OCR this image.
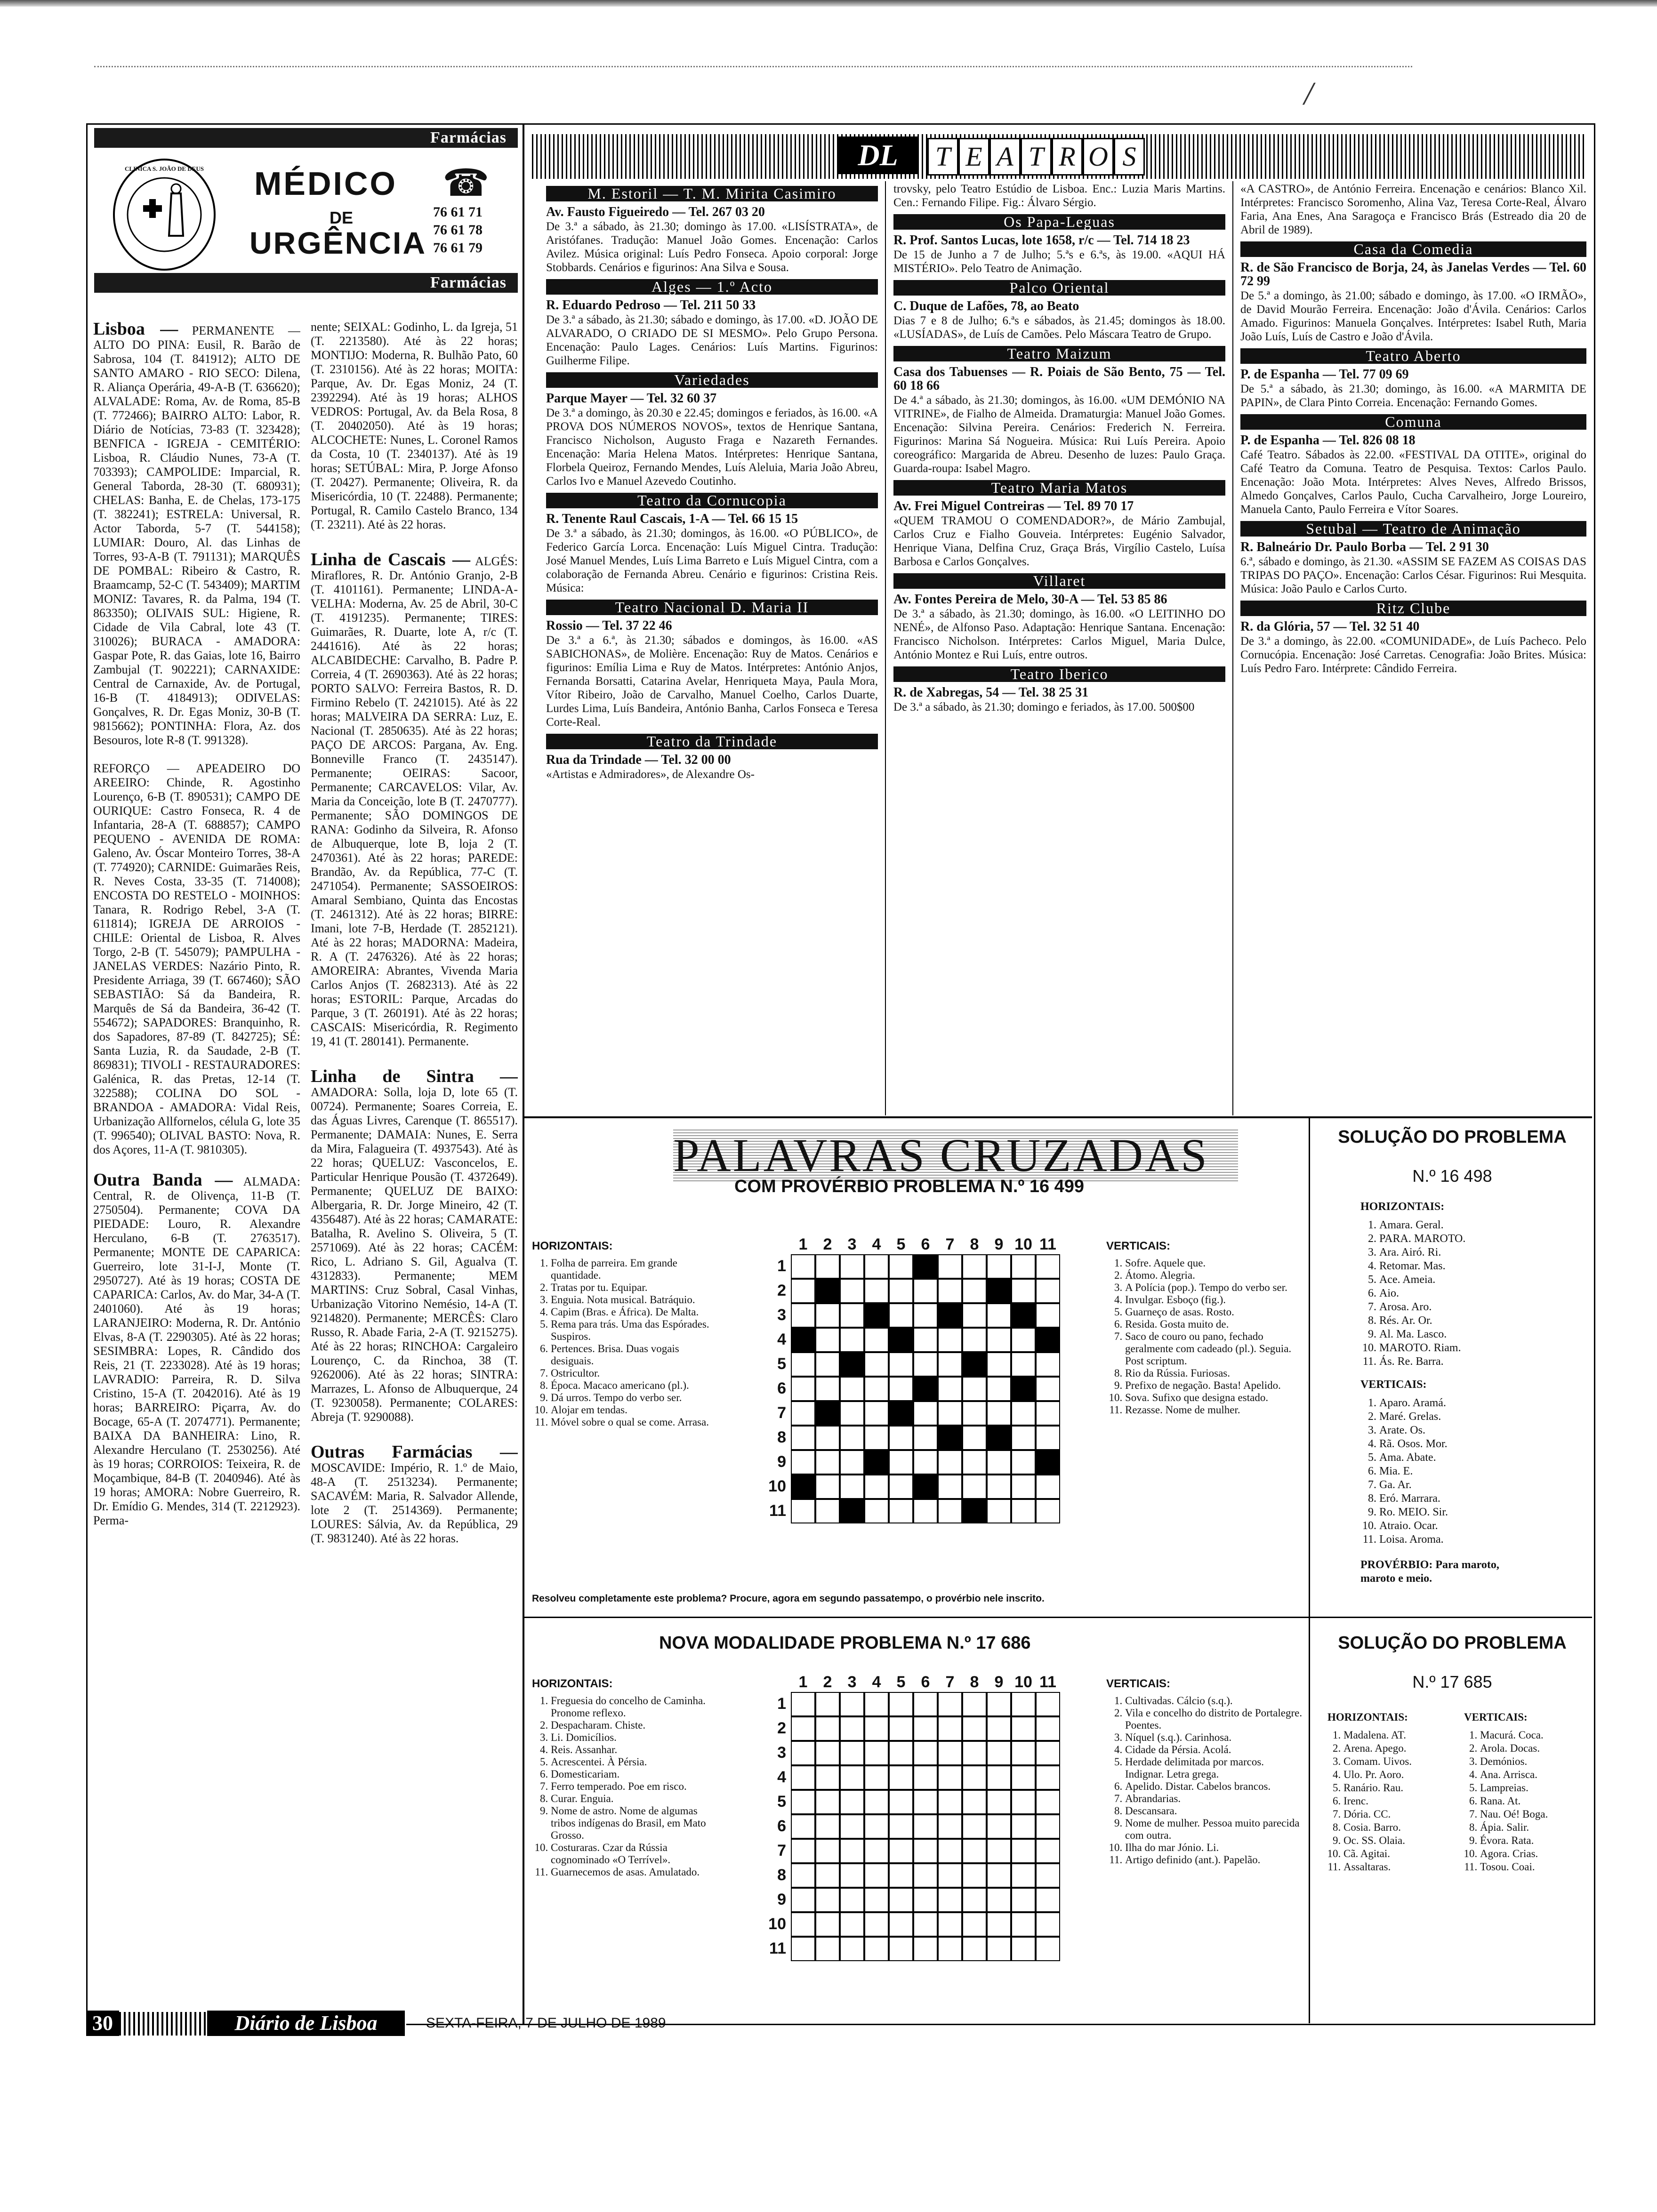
/
Farmácias
CLINICA S. JOÃO DE DEUS MÉDICO ☎
DE
URGÊNCIA
76 61 71
76 61 78
76 61 79
Farmácias

Lisboa — PERMANENTE — ALTO DO PINA: Eusil, R. Barão de Sabrosa, 104 (T. 841912); ALTO DE SANTO AMARO - RIO SECO: Dilena, R. Aliança Operária, 49-A-B (T. 636620); ALVALADE: Roma, Av. de Roma, 85-B (T. 772466); BAIRRO ALTO: Labor, R. Diário de Notícias, 73-83 (T. 323428); BENFICA - IGREJA - CEMITÉRIO: Lisboa, R. Cláudio Nunes, 73-A (T. 703393); CAMPOLIDE: Imparcial, R. General Taborda, 28-30 (T. 680931); CHELAS: Banha, E. de Chelas, 173-175 (T. 382241); ESTRELA: Universal, R. Actor Taborda, 5-7 (T. 544158); LUMIAR: Douro, Al. das Linhas de Torres, 93-A-B (T. 791131); MARQUÊS DE POMBAL: Ribeiro & Castro, R. Braamcamp, 52-C (T. 543409); MARTIM MONIZ: Tavares, R. da Palma, 194 (T. 863350); OLIVAIS SUL: Higiene, R. Cidade de Vila Cabral, lote 43 (T. 310026); BURACA - AMADORA: Gaspar Pote, R. das Gaias, lote 16, Bairro Zambujal (T. 902221); CARNAXIDE: Central de Carnaxide, Av. de Portugal, 16-B (T. 4184913); ODIVELAS: Gonçalves, R. Dr. Egas Moniz, 30-B (T. 9815662); PONTINHA: Flora, Az. dos Besouros, lote R-8 (T. 991328).

REFORÇO — APEADEIRO DO AREEIRO: Chinde, R. Agostinho Lourenço, 6-B (T. 890531); CAMPO DE OURIQUE: Castro Fonseca, R. 4 de Infantaria, 28-A (T. 688857); CAMPO PEQUENO - AVENIDA DE ROMA: Galeno, Av. Óscar Monteiro Torres, 38-A (T. 774920); CARNIDE: Guimarães Reis, R. Neves Costa, 33-35 (T. 714008); ENCOSTA DO RESTELO - MOINHOS: Tanara, R. Rodrigo Rebel, 3-A (T. 611814); IGREJA DE ARROIOS - CHILE: Oriental de Lisboa, R. Alves Torgo, 2-B (T. 545079); PAMPULHA - JANELAS VERDES: Nazário Pinto, R. Presidente Arriaga, 39 (T. 667460); SÃO SEBASTIÃO: Sá da Bandeira, R. Marquês de Sá da Bandeira, 36-42 (T. 554672); SAPADORES: Branquinho, R. dos Sapadores, 87-89 (T. 842725); SÉ: Santa Luzia, R. da Saudade, 2-B (T. 869831); TIVOLI - RESTAURADORES: Galénica, R. das Pretas, 12-14 (T. 322588); COLINA DO SOL - BRANDOA - AMADORA: Vidal Reis, Urbanização Allfornelos, célula G, lote 35 (T. 996540); OLIVAL BASTO: Nova, R. dos Açores, 11-A (T. 9810305).

Outra Banda — ALMADA: Central, R. de Olivença, 11-B (T. 2750504). Permanente; COVA DA PIEDADE: Louro, R. Alexandre Herculano, 6-B (T. 2763517). Permanente; MONTE DE CAPARICA: Guerreiro, lote 31-I-J, Monte (T. 2950727). Até às 19 horas; COSTA DE CAPARICA: Carlos, Av. do Mar, 34-A (T. 2401060). Até às 19 horas; LARANJEIRO: Moderna, R. Dr. António Elvas, 8-A (T. 2290305). Até às 22 horas; SESIMBRA: Lopes, R. Cândido dos Reis, 21 (T. 2233028). Até às 19 horas; LAVRADIO: Parreira, R. D. Silva Cristino, 15-A (T. 2042016). Até às 19 horas; BARREIRO: Piçarra, Av. do Bocage, 65-A (T. 2074771). Permanente; BAIXA DA BANHEIRA: Lino, R. Alexandre Herculano (T. 2530256). Até às 19 horas; CORROIOS: Teixeira, R. de Moçambique, 84-B (T. 2040946). Até às 19 horas; AMORA: Nobre Guerreiro, R. Dr. Emídio G. Mendes, 314 (T. 2212923). Perma-

nente; SEIXAL: Godinho, L. da Igreja, 51 (T. 2213580). Até às 22 horas; MONTIJO: Moderna, R. Bulhão Pato, 60 (T. 2310156). Até às 22 horas; MOITA: Parque, Av. Dr. Egas Moniz, 24 (T. 2392294). Até às 19 horas; ALHOS VEDROS: Portugal, Av. da Bela Rosa, 8 (T. 20402050). Até às 19 horas; ALCOCHETE: Nunes, L. Coronel Ramos da Costa, 10 (T. 2340137). Até às 19 horas; SETÚBAL: Mira, P. Jorge Afonso (T. 20427). Permanente; Oliveira, R. da Misericórdia, 10 (T. 22488). Permanente; Portugal, R. Camilo Castelo Branco, 134 (T. 23211). Até às 22 horas.

Linha de Cascais — ALGÉS: Miraflores, R. Dr. António Granjo, 2-B (T. 4101161). Permanente; LINDA-A-VELHA: Moderna, Av. 25 de Abril, 30-C (T. 4191235). Permanente; TIRES: Guimarães, R. Duarte, lote A, r/c (T. 2441616). Até às 22 horas; ALCABIDECHE: Carvalho, B. Padre P. Correia, 4 (T. 2690363). Até às 22 horas; PORTO SALVO: Ferreira Bastos, R. D. Firmino Rebelo (T. 2421015). Até às 22 horas; MALVEIRA DA SERRA: Luz, E. Nacional (T. 2850635). Até às 22 horas; PAÇO DE ARCOS: Pargana, Av. Eng. Bonneville Franco (T. 2435147). Permanente; OEIRAS: Sacoor, Permanente; CARCAVELOS: Vilar, Av. Maria da Conceição, lote B (T. 2470777). Permanente; SÃO DOMINGOS DE RANA: Godinho da Silveira, R. Afonso de Albuquerque, lote B, loja 2 (T. 2470361). Até às 22 horas; PAREDE: Brandão, Av. da República, 77-C (T. 2471054). Permanente; SASSOEIROS: Amaral Sembiano, Quinta das Encostas (T. 2461312). Até às 22 horas; BIRRE: Imani, lote 7-B, Herdade (T. 2852121). Até às 22 horas; MADORNA: Madeira, R. A (T. 2476326). Até às 22 horas; AMOREIRA: Abrantes, Vivenda Maria Carlos Anjos (T. 2682313). Até às 22 horas; ESTORIL: Parque, Arcadas do Parque, 3 (T. 260191). Até às 22 horas; CASCAIS: Misericórdia, R. Regimento 19, 41 (T. 280141). Permanente.

Linha de Sintra — AMADORA: Solla, loja D, lote 65 (T. 00724). Permanente; Soares Correia, E. das Águas Livres, Carenque (T. 865517). Permanente; DAMAIA: Nunes, E. Serra da Mira, Falagueira (T. 4937543). Até às 22 horas; QUELUZ: Vasconcelos, E. Particular Henrique Pousão (T. 4372649). Permanente; QUELUZ DE BAIXO: Albergaria, R. Dr. Jorge Mineiro, 42 (T. 4356487). Até às 22 horas; CAMARATE: Batalha, R. Avelino S. Oliveira, 5 (T. 2571069). Até às 22 horas; CACÉM: Rico, L. Adriano S. Gil, Agualva (T. 4312833). Permanente; MEM MARTINS: Cruz Sobral, Casal Vinhas, Urbanização Vitorino Nemésio, 14-A (T. 9214820). Permanente; MERCÊS: Claro Russo, R. Abade Faria, 2-A (T. 9215275). Até às 22 horas; RINCHOA: Cargaleiro Lourenço, C. da Rinchoa, 38 (T. 9262006). Até às 22 horas; SINTRA: Marrazes, L. Afonso de Albuquerque, 24 (T. 9230058). Permanente; COLARES: Abreja (T. 9290088).

Outras Farmácias — MOSCAVIDE: Império, R. 1.º de Maio, 48-A (T. 2513234). Permanente; SACAVÉM: Maria, R. Salvador Allende, lote 2 (T. 2514369). Permanente; LOURES: Sálvia, Av. da República, 29 (T. 9831240). Até às 22 horas.

DL	T E A T R O S
M. Estoril — T. M. Mirita Casimiro
Av. Fausto Figueiredo — Tel. 267 03 20
De 3.ª a sábado, às 21.30; domingo às 17.00. «LISÍSTRATA», de Aristófanes. Tradução: Manuel João Gomes. Encenação: Carlos Avilez. Música original: Luís Pedro Fonseca. Apoio corporal: Jorge Stobbards. Cenários e figurinos: Ana Silva e Sousa.
Alges — 1.º Acto
R. Eduardo Pedroso — Tel. 211 50 33
De 3.ª a sábado, às 21.30; sábado e domingo, às 17.00. «D. JOÃO DE ALVARADO, O CRIADO DE SI MESMO». Pelo Grupo Persona. Encenação: Paulo Lages. Cenários: Luís Martins. Figurinos: Guilherme Filipe.
Variedades
Parque Mayer — Tel. 32 60 37
De 3.ª a domingo, às 20.30 e 22.45; domingos e feriados, às 16.00. «A PROVA DOS NÚMEROS NOVOS», textos de Henrique Santana, Francisco Nicholson, Augusto Fraga e Nazareth Fernandes. Encenação: Maria Helena Matos. Intérpretes: Henrique Santana, Florbela Queiroz, Fernando Mendes, Luís Aleluia, Maria João Abreu, Carlos Ivo e Manuel Azevedo Coutinho.
Teatro da Cornucopia
R. Tenente Raul Cascais, 1-A — Tel. 66 15 15
De 3.ª a sábado, às 21.30; domingos, às 16.00. «O PÚBLICO», de Federico García Lorca. Encenação: Luís Miguel Cintra. Tradução: José Manuel Mendes, Luís Lima Barreto e Luís Miguel Cintra, com a colaboração de Fernanda Abreu. Cenário e figurinos: Cristina Reis. Música:
Teatro Nacional D. Maria II
Rossio — Tel. 37 22 46
De 3.ª a 6.ª, às 21.30; sábados e domingos, às 16.00. «AS SABICHONAS», de Molière. Encenação: Ruy de Matos. Cenários e figurinos: Emília Lima e Ruy de Matos. Intérpretes: António Anjos, Fernanda Borsatti, Catarina Avelar, Henriqueta Maya, Paula Mora, Vítor Ribeiro, João de Carvalho, Manuel Coelho, Carlos Duarte, Lurdes Lima, Luís Bandeira, António Banha, Carlos Fonseca e Teresa Corte-Real.
Teatro da Trindade
Rua da Trindade — Tel. 32 00 00
«Artistas e Admiradores», de Alexandre Os-
trovsky, pelo Teatro Estúdio de Lisboa. Enc.: Luzia Maris Martins. Cen.: Fernando Filipe. Fig.: Álvaro Sérgio.
Os Papa-Leguas
R. Prof. Santos Lucas, lote 1658, r/c — Tel. 714 18 23
De 15 de Junho a 7 de Julho; 5.ªs e 6.ªs, às 19.00. «AQUI HÁ MISTÉRIO». Pelo Teatro de Animação.
Palco Oriental
C. Duque de Lafões, 78, ao Beato
Dias 7 e 8 de Julho; 6.ªs e sábados, às 21.45; domingos às 18.00. «LUSÍADAS», de Luís de Camões. Pelo Máscara Teatro de Grupo.
Teatro Maizum
Casa dos Tabuenses — R. Poiais de São Bento, 75 — Tel. 60 18 66
De 4.ª a sábado, às 21.30; domingos, às 16.00. «UM DEMÓNIO NA VITRINE», de Fialho de Almeida. Dramaturgia: Manuel João Gomes. Encenação: Silvina Pereira. Cenários: Frederich N. Ferreira. Figurinos: Marina Sá Nogueira. Música: Rui Luís Pereira. Apoio coreográfico: Margarida de Abreu. Desenho de luzes: Paulo Graça. Guarda-roupa: Isabel Magro.
Teatro Maria Matos
Av. Frei Miguel Contreiras — Tel. 89 70 17
«QUEM TRAMOU O COMENDADOR?», de Mário Zambujal, Carlos Cruz e Fialho Gouveia. Intérpretes: Eugénio Salvador, Henrique Viana, Delfina Cruz, Graça Brás, Virgílio Castelo, Luísa Barbosa e Carlos Gonçalves.
Villaret
Av. Fontes Pereira de Melo, 30-A — Tel. 53 85 86
De 3.ª a sábado, às 21.30; domingo, às 16.00. «O LEITINHO DO NENÉ», de Alfonso Paso. Adaptação: Henrique Santana. Encenação: Francisco Nicholson. Intérpretes: Carlos Miguel, Maria Dulce, António Montez e Rui Luís, entre outros.
Teatro Iberico
R. de Xabregas, 54 — Tel. 38 25 31
De 3.ª a sábado, às 21.30; domingo e feriados, às 17.00. 500$00
«A CASTRO», de António Ferreira. Encenação e cenários: Blanco Xil. Intérpretes: Francisco Soromenho, Alina Vaz, Teresa Corte-Real, Álvaro Faria, Ana Enes, Ana Saragoça e Francisco Brás (Estreado dia 20 de Abril de 1989).
Casa da Comedia
R. de São Francisco de Borja, 24, às Janelas Verdes — Tel. 60 72 99
De 5.ª a domingo, às 21.00; sábado e domingo, às 17.00. «O IRMÃO», de David Mourão Ferreira. Encenação: João d'Ávila. Cenários: Carlos Amado. Figurinos: Manuela Gonçalves. Intérpretes: Isabel Ruth, Maria João Luís, Luís de Castro e João d'Ávila.
Teatro Aberto
P. de Espanha — Tel. 77 09 69
De 5.ª a sábado, às 21.30; domingo, às 16.00. «A MARMITA DE PAPIN», de Clara Pinto Correia. Encenação: Fernando Gomes.
Comuna
P. de Espanha — Tel. 826 08 18
Café Teatro. Sábados às 22.00. «FESTIVAL DA OTITE», original do Café Teatro da Comuna. Teatro de Pesquisa. Textos: Carlos Paulo. Encenação: João Mota. Intérpretes: Alves Neves, Alfredo Brissos, Almedo Gonçalves, Carlos Paulo, Cucha Carvalheiro, Jorge Loureiro, Manuela Canto, Paulo Ferreira e Vítor Soares.
Setubal — Teatro de Animação
R. Balneário Dr. Paulo Borba — Tel. 2 91 30
6.ª, sábado e domingo, às 21.30. «ASSIM SE FAZEM AS COISAS DAS TRIPAS DO PAÇO». Encenação: Carlos César. Figurinos: Rui Mesquita. Música: João Paulo e Carlos Curto.
Ritz Clube
R. da Glória, 57 — Tel. 32 51 40
De 3.ª a domingo, às 22.00. «COMUNIDADE», de Luís Pacheco. Pelo Cornucópia. Encenação: José Carretas. Cenografia: João Brites. Música: Luís Pedro Faro. Intérprete: Cândido Ferreira.
PALAVRAS CRUZADAS
COM PROVÉRBIO PROBLEMA N.º 16 499
HORIZONTAIS:
1. Folha de parreira. Em grande quantidade.
2. Tratas por tu. Equipar.
3. Enguia. Nota musical. Batráquio.
4. Capim (Bras. e África). De Malta.
5. Rema para trás. Uma das Espórades. Suspiros.
6. Pertences. Brisa. Duas vogais desiguais.
7. Ostricultor.
8. Época. Macaco americano (pl.).
9. Dá urros. Tempo do verbo ser.
10. Alojar em tendas.
11. Móvel sobre o qual se come. Arrasa.
1 2 3 4 5 6 7 8 9 10 11
1
2
3
4
5
6
7
8
9
10
11
VERTICAIS:
1. Sofre. Aquele que.
2. Átomo. Alegria.
3. A Polícia (pop.). Tempo do verbo ser.
4. Invulgar. Esboço (fig.).
5. Guarneço de asas. Rosto.
6. Resida. Gosta muito de.
7. Saco de couro ou pano, fechado geralmente com cadeado (pl.). Seguia. Post scriptum.
8. Rio da Rússia. Furiosas.
9. Prefixo de negação. Basta! Apelido.
10. Sova. Sufixo que designa estado.
11. Rezasse. Nome de mulher.
Resolveu completamente este problema? Procure, agora em segundo passatempo, o provérbio nele inscrito.
SOLUÇÃO DO PROBLEMA
N.º 16 498
HORIZONTAIS:
1. Amara. Geral.
2. PARA. MAROTO.
3. Ara. Airó. Ri.
4. Retomar. Mas.
5. Ace. Ameia.
6. Aio.
7. Arosa. Aro.
8. Rés. Ar. Or.
9. Al. Ma. Lasco.
10. MAROTO. Riam.
11. Ás. Re. Barra.
VERTICAIS:
1. Aparo. Aramá.
2. Maré. Grelas.
3. Arate. Os.
4. Rã. Osos. Mor.
5. Ama. Abate.
6. Mia. E.
7. Ga. Ar.
8. Eró. Marrara.
9. Ro. MEIO. Sir.
10. Atraio. Ocar.
11. Loisa. Aroma.
PROVÉRBIO: Para maroto, maroto e meio.
NOVA MODALIDADE PROBLEMA N.º 17 686
HORIZONTAIS:
1. Freguesia do concelho de Caminha. Pronome reflexo.
2. Despacharam. Chiste.
3. Li. Domicílios.
4. Reis. Assanhar.
5. Acrescentei. À Pérsia.
6. Domesticariam.
7. Ferro temperado. Poe em risco.
8. Curar. Enguia.
9. Nome de astro. Nome de algumas tribos indígenas do Brasil, em Mato Grosso.
10. Costuraras. Czar da Rússia cognominado «O Terrível».
11. Guarnecemos de asas. Amulatado.
1 2 3 4 5 6 7 8 9 10 11
1
2
3
4
5
6
7
8
9
10
11
VERTICAIS:
1. Cultivadas. Cálcio (s.q.).
2. Vila e concelho do distrito de Portalegre. Poentes.
3. Níquel (s.q.). Carinhosa.
4. Cidade da Pérsia. Acolá.
5. Herdade delimitada por marcos. Indignar. Letra grega.
6. Apelido. Distar. Cabelos brancos.
7. Abrandarias.
8. Descansara.
9. Nome de mulher. Pessoa muito parecida com outra.
10. Ilha do mar Jónio. Li.
11. Artigo definido (ant.). Papelão.
SOLUÇÃO DO PROBLEMA
N.º 17 685
HORIZONTAIS:
1. Madalena. AT.
2. Arena. Apego.
3. Comam. Uivos.
4. Ulo. Pr. Aoro.
5. Ranário. Rau.
6. Irenc.
7. Dória. CC.
8. Cosia. Barro.
9. Oc. SS. Olaia.
10. Cã. Agitai.
11. Assaltaras.
VERTICAIS:
1. Macurá. Coca.
2. Arola. Docas.
3. Demónios.
4. Ana. Arrisca.
5. Lampreias.
6. Rana. At.
7. Nau. Oé! Boga.
8. Ápia. Salir.
9. Évora. Rata.
10. Agora. Crias.
11. Tosou. Coai.
30	Diário de Lisboa	SEXTA-FEIRA, 7 DE JULHO DE 1989
